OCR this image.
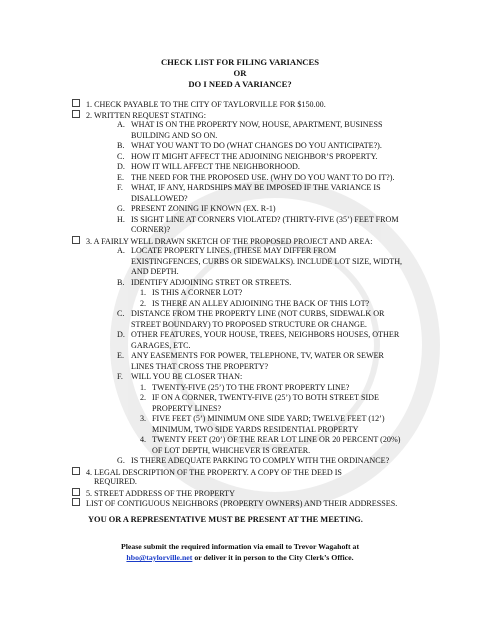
CHECK LIST FOR FILING VARIANCES
OR
DO I NEED A VARIANCE?
1. CHECK PAYABLE TO THE CITY OF TAYLORVILLE FOR $150.00.
2. WRITTEN REQUEST STATING:
A. WHAT IS ON THE PROPERTY NOW, HOUSE, APARTMENT, BUSINESS
BUILDING AND SO ON.
B. WHAT YOU WANT TO DO (WHAT CHANGES DO YOU ANTICIPATE?).
C. HOW IT MIGHT AFFECT THE ADJOINING NEIGHBOR’S PROPERTY.
D. HOW IT WILL AFFECT THE NEIGHBORHOOD.
E. THE NEED FOR THE PROPOSED USE. (WHY DO YOU WANT TO DO IT?).
F. WHAT, IF ANY, HARDSHIPS MAY BE IMPOSED IF THE VARIANCE IS
DISALLOWED?
G. PRESENT ZONING IF KNOWN (EX. R-1)
H. IS SIGHT LINE AT CORNERS VIOLATED? (THIRTY-FIVE (35’) FEET FROM
CORNER)?
3. A FAIRLY WELL DRAWN SKETCH OF THE PROPOSED PROJECT AND AREA:
A. LOCATE PROPERTY LINES. (THESE MAY DIFFER FROM
EXISTINGFENCES, CURBS OR SIDEWALKS). INCLUDE LOT SIZE, WIDTH,
AND DEPTH.
B. IDENTIFY ADJOINING STRET OR STREETS.
1. IS THIS A CORNER LOT?
2. IS THERE AN ALLEY ADJOINING THE BACK OF THIS LOT?
C. DISTANCE FROM THE PROPERTY LINE (NOT CURBS, SIDEWALK OR
STREET BOUNDARY) TO PROPOSED STRUCTURE OR CHANGE.
D. OTHER FEATURES, YOUR HOUSE, TREES, NEIGHBORS HOUSES, OTHER
GARAGES, ETC.
E. ANY EASEMENTS FOR POWER, TELEPHONE, TV, WATER OR SEWER
LINES THAT CROSS THE PROPERTY?
F. WILL YOU BE CLOSER THAN:
1. TWENTY-FIVE (25’) TO THE FRONT PROPERTY LINE?
2. IF ON A CORNER, TWENTY-FIVE (25’) TO BOTH STREET SIDE
PROPERTY LINES?
3. FIVE FEET (5’) MINIMUM ONE SIDE YARD; TWELVE FEET (12’)
MINIMUM, TWO SIDE YARDS RESIDENTIAL PROPERTY
4. TWENTY FEET (20’) OF THE REAR LOT LINE OR 20 PERCENT (20%)
OF LOT DEPTH, WHICHEVER IS GREATER.
G. IS THERE ADEQUATE PARKING TO COMPLY WITH THE ORDINANCE?
4. LEGAL DESCRIPTION OF THE PROPERTY. A COPY OF THE DEED IS
REQUIRED.
5. STREET ADDRESS OF THE PROPERTY
LIST OF CONTIGUOUS NEIGHBORS (PROPERTY OWNERS) AND THEIR ADDRESSES.
YOU OR A REPRESENTATIVE MUST BE PRESENT AT THE MEETING.
Please submit the required information via email to Trevor Wagahoft at
hbo@taylorville.net or deliver it in person to the City Clerk’s Office.
